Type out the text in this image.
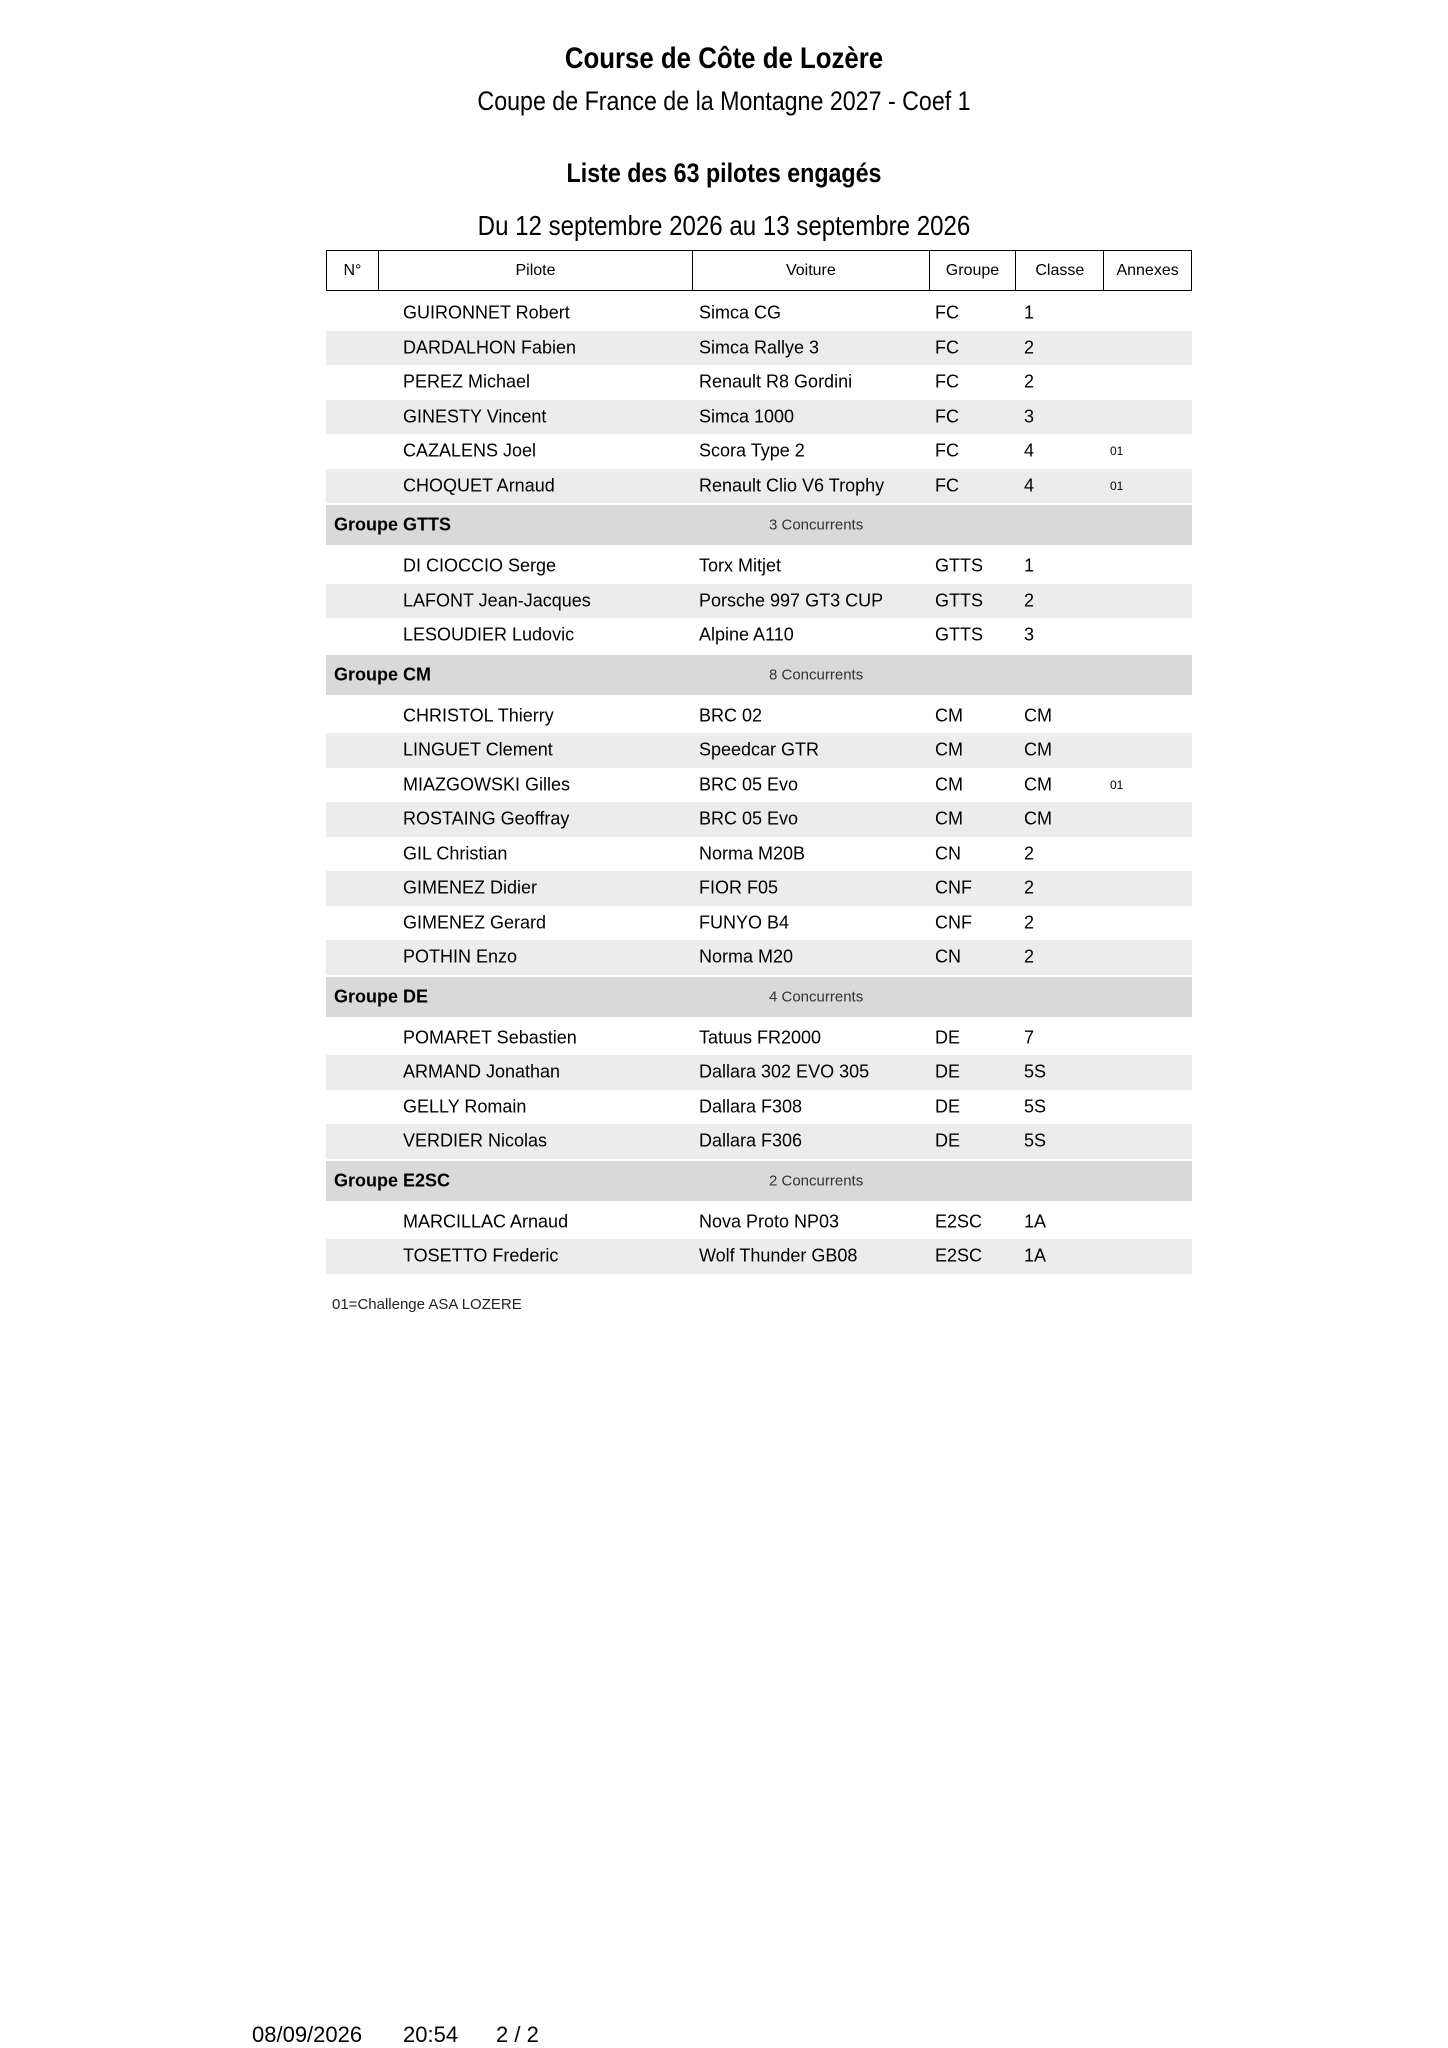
Course de Côte de Lozère
Coupe de France de la Montagne 2027 - Coef 1
Liste des 63 pilotes engagés
Du 12 septembre 2026 au 13 septembre 2026
N°	Pilote	Voiture	Groupe	Classe	Annexes
GUIRONNET Robert	Simca CG	FC	1
DARDALHON Fabien	Simca Rallye 3	FC	2
PEREZ Michael	Renault R8 Gordini	FC	2
GINESTY Vincent	Simca 1000	FC	3
CAZALENS Joel	Scora Type 2	FC	4	01
CHOQUET Arnaud	Renault Clio V6 Trophy	FC	4	01
Groupe GTTS	3 Concurrents
DI CIOCCIO Serge	Torx Mitjet	GTTS 1
LAFONT Jean-Jacques	Porsche 997 GT3 CUP	GTTS 2
LESOUDIER Ludovic	Alpine A110	GTTS 3
Groupe CM	8 Concurrents
CHRISTOL Thierry	BRC 02	CM	CM
LINGUET Clement	Speedcar GTR	CM	CM
MIAZGOWSKI Gilles	BRC 05 Evo	CM	CM	01
ROSTAING Geoffray	BRC 05 Evo	CM	CM
GIL Christian	Norma M20B	CN	2
GIMENEZ Didier	FIOR F05	CNF	2
GIMENEZ Gerard	FUNYO B4	CNF	2
POTHIN Enzo	Norma M20	CN	2
Groupe DE	4 Concurrents
POMARET Sebastien	Tatuus FR2000	DE	7
ARMAND Jonathan	Dallara 302 EVO 305	DE	5S
GELLY Romain	Dallara F308	DE	5S
VERDIER Nicolas	Dallara F306	DE	5S
Groupe E2SC	2 Concurrents
MARCILLAC Arnaud	Nova Proto NP03	E2SC 1A
TOSETTO Frederic	Wolf Thunder GB08	E2SC 1A
01=Challenge ASA LOZERE
08/09/2026 20:54 2 / 2
